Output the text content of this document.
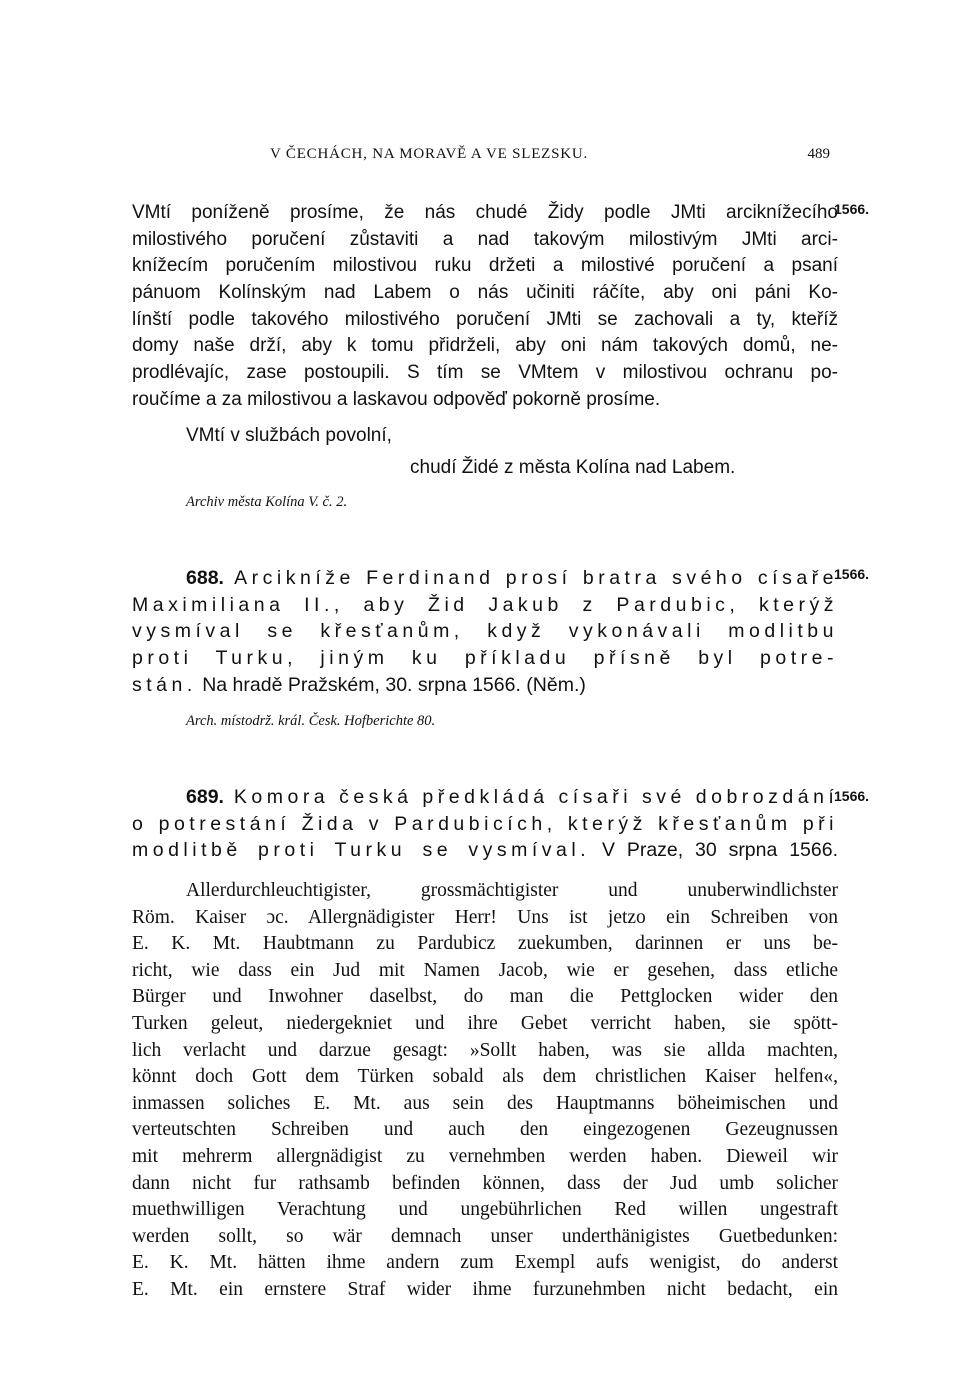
V ČECHÁCH, NA MORAVĚ A VE SLEZSKU.	489
1566.
VMtí poníženě prosíme, že nás chudé Židy podle JMti arciknížecího
milostivého poručení zůstaviti a nad takovým milostivým JMti arci-
knížecím poručením milostivou ruku držeti a milostivé poručení a psaní
pánuom Kolínským nad Labem o nás učiniti ráčíte, aby oni páni Ko-
línští podle takového milostivého poručení JMti se zachovali a ty, kteříž
domy naše drží, aby k tomu přidrželi, aby oni nám takových domů, ne-
prodlévajíc, zase postoupili. S tím se VMtem v milostivou ochranu po-
roučíme a za milostivou a laskavou odpověď pokorně prosíme.
VMtí v službách povolní,
chudí Židé z města Kolína nad Labem.
Archiv města Kolína V. č. 2.
1566.
688. Arcikníže Ferdinand prosí bratra svého císaře
Maximiliana II., aby Žid Jakub z Pardubic, kterýž
vysmíval se křesťanům, když vykonávali modlitbu
proti Turku, jiným ku příkladu přísně byl potre-
stán. Na hradě Pražském, 30. srpna 1566. (Něm.)
Arch. místodrž. král. Česk. Hofberichte 80.
1566.
689. Komora česká předkládá císaři své dobrozdání
o potrestání Žida v Pardubicích, kterýž křesťanům při
modlitbě proti Turku se vysmíval. V Praze, 30 srpna 1566.
Allerdurchleuchtigister, grossmächtigister und unuberwindlichster
Röm. Kaiser ɔc. Allergnädigister Herr! Uns ist jetzo ein Schreiben von
E. K. Mt. Haubtmann zu Pardubicz zuekumben, darinnen er uns be-
richt, wie dass ein Jud mit Namen Jacob, wie er gesehen, dass etliche
Bürger und Inwohner daselbst, do man die Pettglocken wider den
Turken geleut, niedergekniet und ihre Gebet verricht haben, sie spött-
lich verlacht und darzue gesagt: »Sollt haben, was sie allda machten,
könnt doch Gott dem Türken sobald als dem christlichen Kaiser helfen«,
inmassen soliches E. Mt. aus sein des Hauptmanns böheimischen und
verteutschten Schreiben und auch den eingezogenen Gezeugnussen
mit mehrerm allergnädigist zu vernehmben werden haben. Dieweil wir
dann nicht fur rathsamb befinden können, dass der Jud umb solicher
muethwilligen Verachtung und ungebührlichen Red willen ungestraft
werden sollt, so wär demnach unser underthänigistes Guetbedunken:
E. K. Mt. hätten ihme andern zum Exempl aufs wenigist, do anderst
E. Mt. ein ernstere Straf wider ihme furzunehmben nicht bedacht, ein
